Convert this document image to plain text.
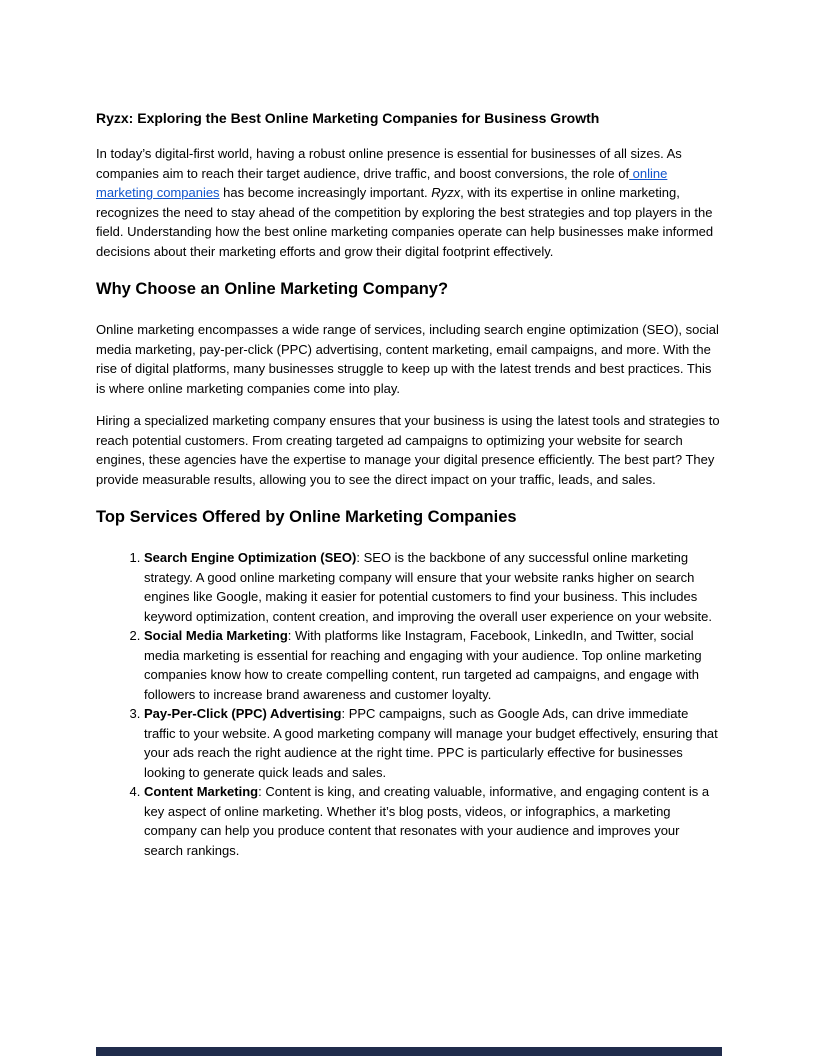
Ryzx: Exploring the Best Online Marketing Companies for Business Growth

In today’s digital-first world, having a robust online presence is essential for businesses of all sizes. As companies aim to reach their target audience, drive traffic, and boost conversions, the role of online marketing companies has become increasingly important. Ryzx, with its expertise in online marketing, recognizes the need to stay ahead of the competition by exploring the best strategies and top players in the field. Understanding how the best online marketing companies operate can help businesses make informed decisions about their marketing efforts and grow their digital footprint effectively.

Why Choose an Online Marketing Company?

Online marketing encompasses a wide range of services, including search engine optimization (SEO), social media marketing, pay-per-click (PPC) advertising, content marketing, email campaigns, and more. With the rise of digital platforms, many businesses struggle to keep up with the latest trends and best practices. This is where online marketing companies come into play.

Hiring a specialized marketing company ensures that your business is using the latest tools and strategies to reach potential customers. From creating targeted ad campaigns to optimizing your website for search engines, these agencies have the expertise to manage your digital presence efficiently. The best part? They provide measurable results, allowing you to see the direct impact on your traffic, leads, and sales.

Top Services Offered by Online Marketing Companies
1. Search Engine Optimization (SEO): SEO is the backbone of any successful online marketing strategy. A good online marketing company will ensure that your website ranks higher on search engines like Google, making it easier for potential customers to find your business. This includes keyword optimization, content creation, and improving the overall user experience on your website.
2. Social Media Marketing: With platforms like Instagram, Facebook, LinkedIn, and Twitter, social media marketing is essential for reaching and engaging with your audience. Top online marketing companies know how to create compelling content, run targeted ad campaigns, and engage with followers to increase brand awareness and customer loyalty.
3. Pay-Per-Click (PPC) Advertising: PPC campaigns, such as Google Ads, can drive immediate traffic to your website. A good marketing company will manage your budget effectively, ensuring that your ads reach the right audience at the right time. PPC is particularly effective for businesses looking to generate quick leads and sales.
4. Content Marketing: Content is king, and creating valuable, informative, and engaging content is a key aspect of online marketing. Whether it’s blog posts, videos, or infographics, a marketing company can help you produce content that resonates with your audience and improves your search rankings.
